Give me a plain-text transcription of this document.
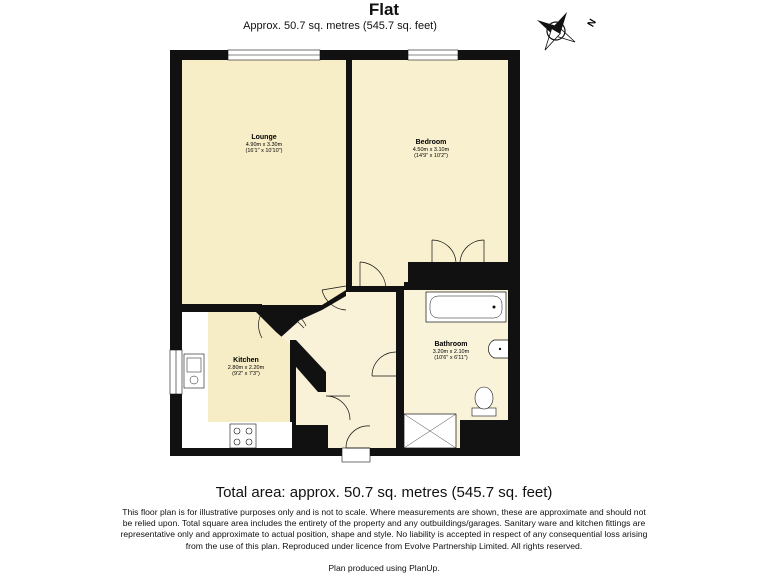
Flat
Approx. 50.7 sq. metres (545.7 sq. feet)	N
Lounge
4.90m x 3.30m
(16'1" x 10'10")
Bedroom
4.50m x 3.10m
(14'9" x 10'2")
Kitchen
2.80m x 2.20m
(9'2" x 7'3")
Bathroom
3.20m x 2.10m
(10'6" x 6'11")
Total area: approx. 50.7 sq. metres (545.7 sq. feet)
This floor plan is for illustrative purposes only and is not to scale. Where measurements are shown, these are approximate and should not be relied upon. Total square area includes the entirety of the property and any outbuildings/garages. Sanitary ware and kitchen fittings are representative only and approximate to actual position, shape and style. No liability is accepted in respect of any consequential loss arising from the use of this plan. Reproduced under licence from Evolve Partnership Limited. All rights reserved.
Plan produced using PlanUp.
